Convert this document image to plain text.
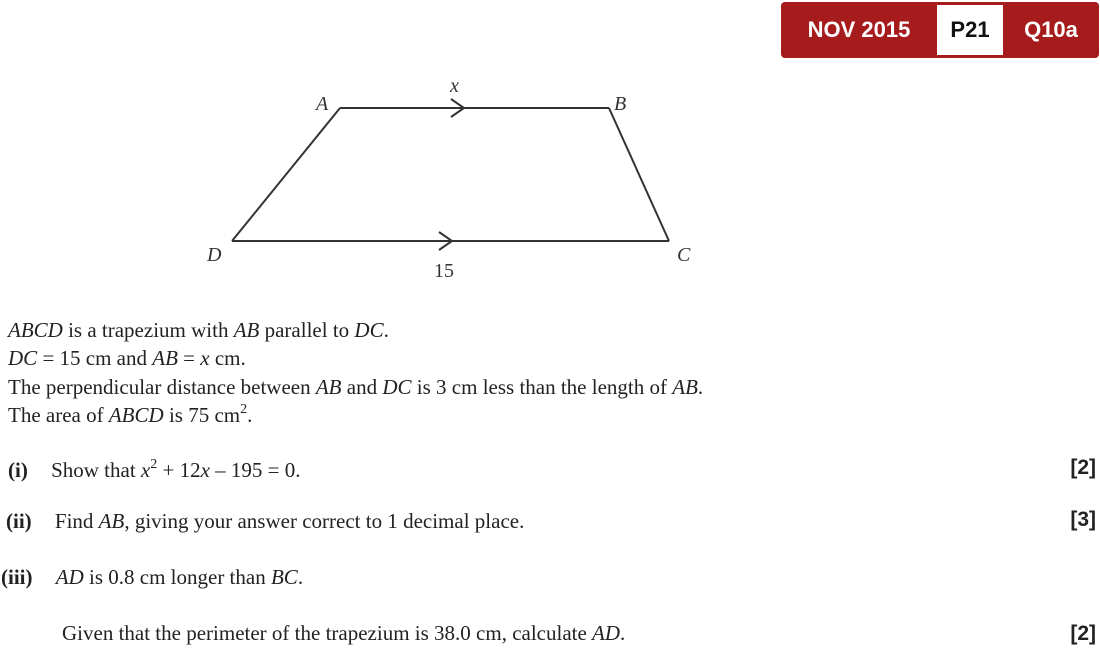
NOV 2015	P21	Q10a
A	B
C
D
x
15
ABCD is a trapezium with AB parallel to DC.
DC = 15 cm and AB = x cm.
The perpendicular distance between AB and DC is 3 cm less than the length of AB.
The area of ABCD is 75 $cm^2$.
(i) Show that $x^2 + 12x - 195 = 0$.	[2]
(ii) Find AB, giving your answer correct to 1 decimal place.	[3]
(iii) AD is 0.8 cm longer than BC.
Given that the perimeter of the trapezium is 38.0 cm, calculate AD.	[2]
